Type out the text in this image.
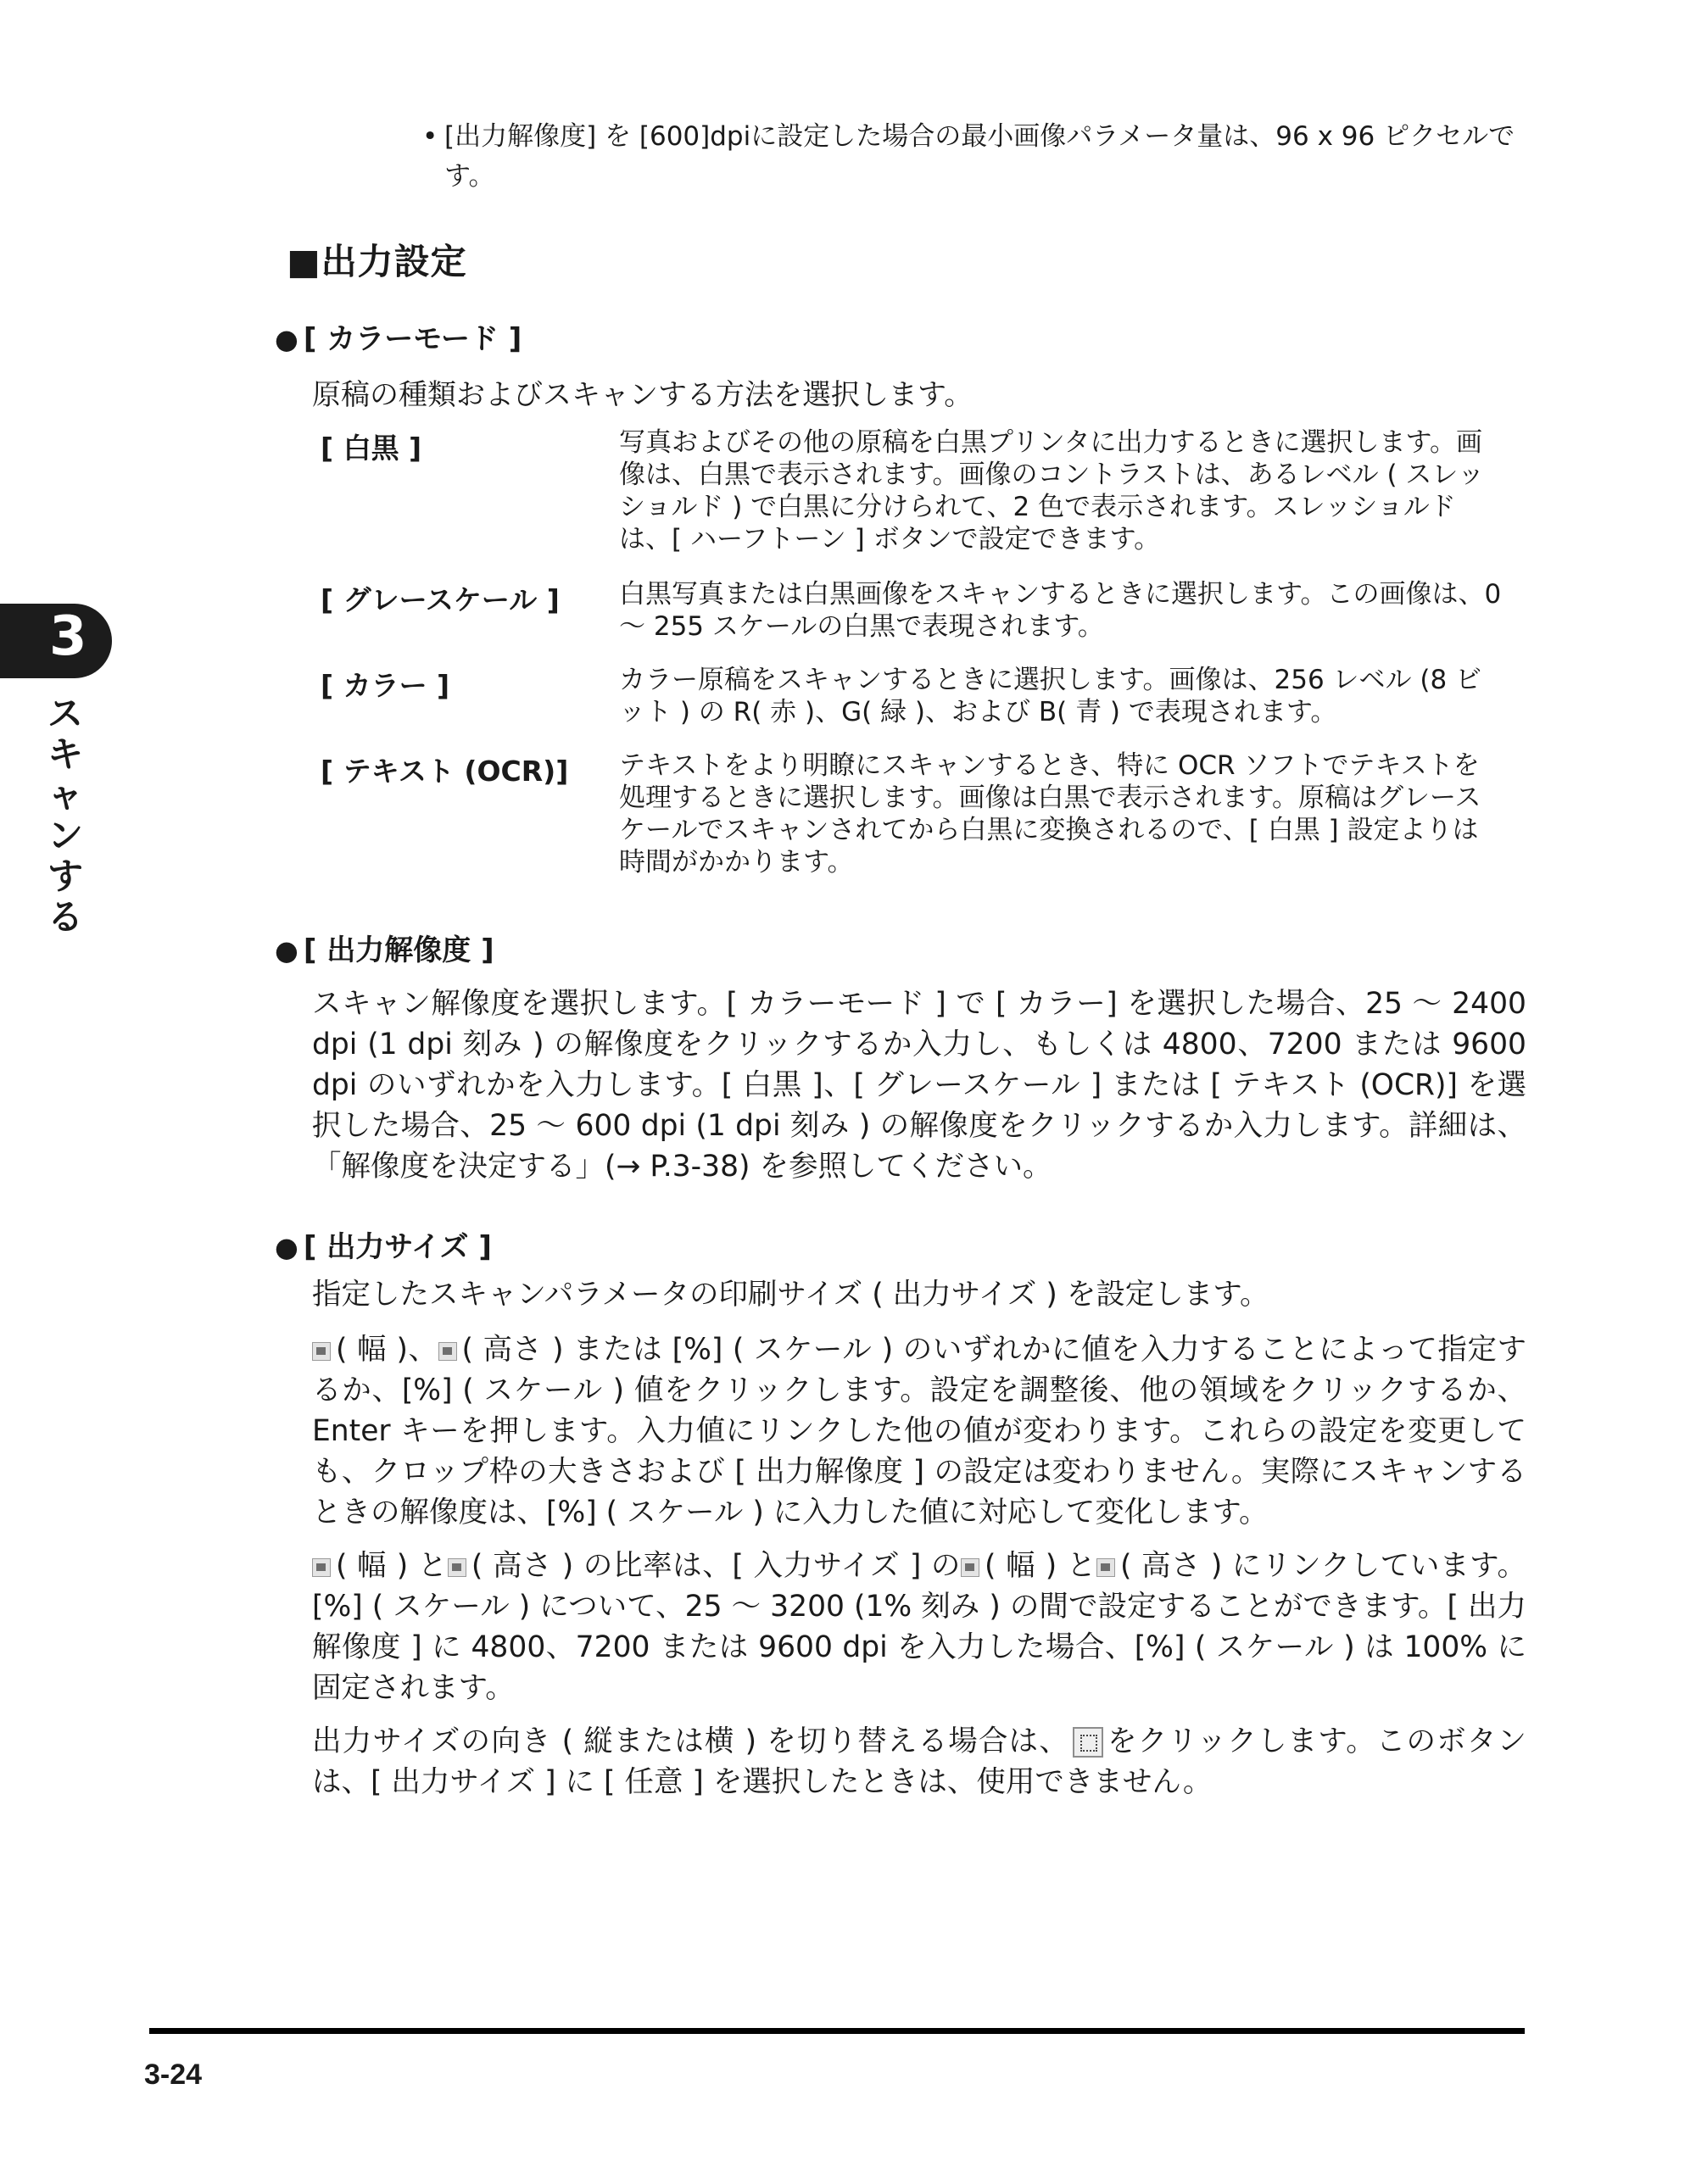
• [出力解像度] を [600]dpiに設定した場合の最小画像パラメータ量は、96 x 96 ピクセルです。
■出力設定
● [ カラーモード ]
原稿の種類およびスキャンする方法を選択します。
[ 白黒 ]	写真およびその他の原稿を白黒プリンタに出力するときに選択します。画像は、白黒で表示されます。画像のコントラストは、あるレベル ( スレッショルド ) で白黒に分けられて、2 色で表示されます。スレッショルドは、[ ハーフトーン ] ボタンで設定できます。
[ グレースケール ] 白黒写真または白黒画像をスキャンするときに選択します。この画像は、0 〜 255 スケールの白黒で表現されます。
[ カラー ]	カラー原稿をスキャンするときに選択します。画像は、256 レベル (8 ビット ) の R( 赤 )、G( 緑 )、および B( 青 ) で表現されます。
[ テキスト (OCR)] テキストをより明瞭にスキャンするとき、特に OCR ソフトでテキストを処理するときに選択します。画像は白黒で表示されます。原稿はグレースケールでスキャンされてから白黒に変換されるので、[ 白黒 ] 設定よりは時間がかかります。
● [ 出力解像度 ]
スキャン解像度を選択します。[ カラーモード ] で [ カラー] を選択した場合、25 〜 2400 dpi (1 dpi 刻み ) の解像度をクリックするか入力し、もしくは 4800、7200 または 9600 dpi のいずれかを入力します。[ 白黒 ]、[ グレースケール ] または [ テキスト (OCR)] を選択した場合、25 〜 600 dpi (1 dpi 刻み ) の解像度をクリックするか入力します。詳細は、「解像度を決定する」(→ P.3-38) を参照してください。
● [ 出力サイズ ]
指定したスキャンパラメータの印刷サイズ ( 出力サイズ ) を設定します。
( 幅 )、 ( 高さ ) または [%] ( スケール ) のいずれかに値を入力することによって指定するか、[%] ( スケール ) 値をクリックします。設定を調整後、他の領域をクリックするか、Enter キーを押します。入力値にリンクした他の値が変わります。これらの設定を変更しても、クロップ枠の大きさおよび [ 出力解像度 ] の設定は変わりません。実際にスキャンするときの解像度は、[%] ( スケール ) に入力した値に対応して変化します。
( 幅 ) と ( 高さ ) の比率は、[ 入力サイズ ] の ( 幅 ) と ( 高さ ) にリンクしています。[%] ( スケール ) について、25 〜 3200 (1% 刻み ) の間で設定することができます。[ 出力解像度 ] に 4800、7200 または 9600 dpi を入力した場合、[%] ( スケール ) は 100% に固定されます。
出力サイズの向き ( 縦または横 ) を切り替える場合は、 をクリックします。このボタンは、[ 出力サイズ ] に [ 任意 ] を選択したときは、使用できません。
3
スキャンする
3-24
